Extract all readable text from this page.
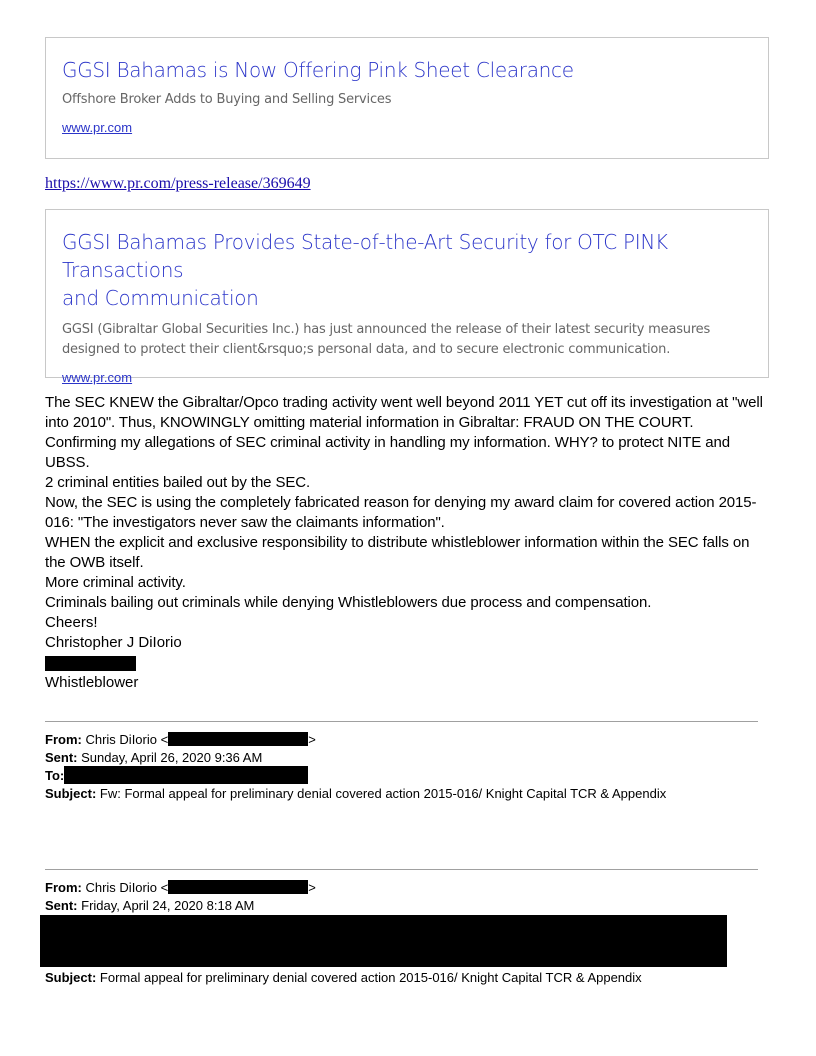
GGSI Bahamas is Now Offering Pink Sheet Clearance
Offshore Broker Adds to Buying and Selling Services
www.pr.com
https://www.pr.com/press-release/369649
GGSI Bahamas Provides State-of-the-Art Security for OTC PINK Transactions
and Communication
GGSI (Gibraltar Global Securities Inc.) has just announced the release of their latest security measures
designed to protect their client&rsquo;s personal data, and to secure electronic communication.
www.pr.com
The SEC KNEW the Gibraltar/Opco trading activity went well beyond 2011 YET cut off its investigation at "well
into 2010". Thus, KNOWINGLY omitting material information in Gibraltar: FRAUD ON THE COURT.
Confirming my allegations of SEC criminal activity in handling my information. WHY? to protect NITE and UBSS.
2 criminal entities bailed out by the SEC.
Now, the SEC is using the completely fabricated reason for denying my award claim for covered action 2015-
016: "The investigators never saw the claimants information".
WHEN the explicit and exclusive responsibility to distribute whistleblower information within the SEC falls on
the OWB itself.
More criminal activity.
Criminals bailing out criminals while denying Whistleblowers due process and compensation.
Cheers!
Christopher J DiIorio
Whistleblower
From: Chris DiIorio <	>
Sent: Sunday, April 26, 2020 9:36 AM
To:
Subject: Fw: Formal appeal for preliminary denial covered action 2015-016/ Knight Capital TCR & Appendix
From: Chris DiIorio <	>
Sent: Friday, April 24, 2020 8:18 AM
Subject: Formal appeal for preliminary denial covered action 2015-016/ Knight Capital TCR & Appendix
